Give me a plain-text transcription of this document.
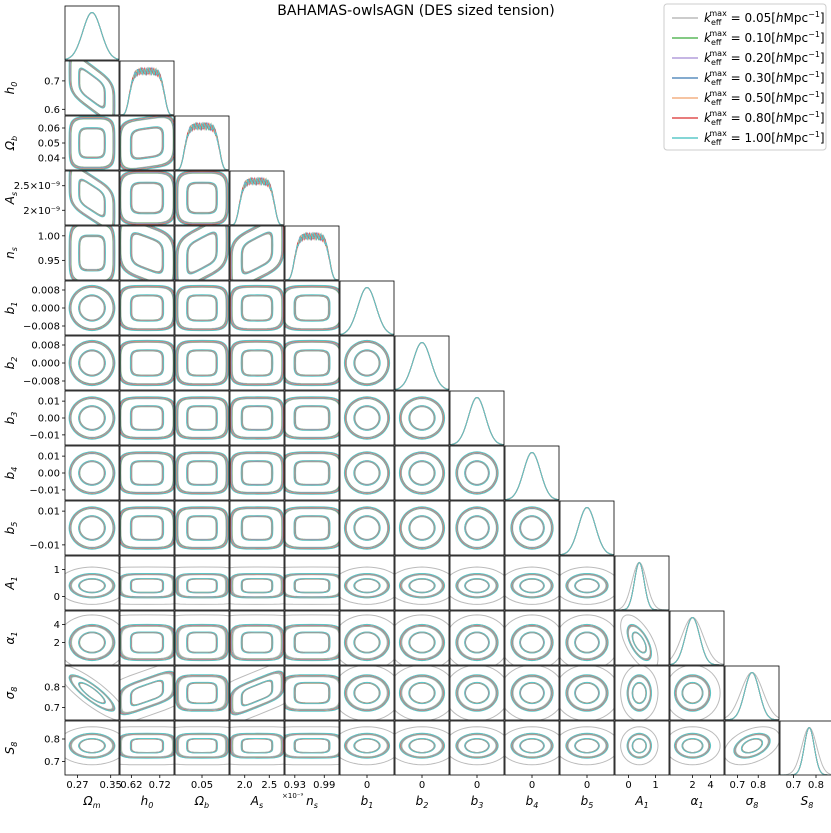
BAHAMAS-owlsAGN (DES sized tension)
0.6
0.7
$h_0$
0.04
0.05
0.06
$\Omega_b$
2×10⁻⁹
2.5×10⁻⁹
$A_s$
0.95
1.00
$n_s$
−0.008
0.000
0.008
$b_1$
−0.008
0.000
0.008
$b_2$
−0.01
0.00
0.01
$b_3$
−0.01
0.00
0.01
$b_4$
−0.01
0.01
$b_5$
0
1
$A_1$
2
4
$\alpha_1$
0.7
0.8
$\sigma_8$
0.7
0.8
$S_8$
0.27 0.35
$\Omega_m$
0.62 0.72
$h_0$
0.05
$\Omega_b$
2.0 2.5
$A_s$
×10⁻⁹
0.93 0.99
$n_s$
0
$b_1$
0
$b_2$
0
$b_3$
0
$b_4$
0
$b_5$
0 1
$A_1$
2 4
$\alpha_1$
0.7 0.8
$\sigma_8$
0.7 0.8
$S_8$
$k_{eff}\max$ = 0.05[hMpc$^{-1}$]
$k_{eff}\max$ = 0.10[hMpc$^{-1}$]
$k_{eff}\max$ = 0.20[hMpc$^{-1}$]
$k_{eff}\max$ = 0.30[hMpc$^{-1}$]
$k_{eff}\max$ = 0.50[hMpc$^{-1}$]
$k_{eff}\max$ = 0.80[hMpc$^{-1}$]
$k_{eff}\max$ = 1.00[hMpc$^{-1}$]
